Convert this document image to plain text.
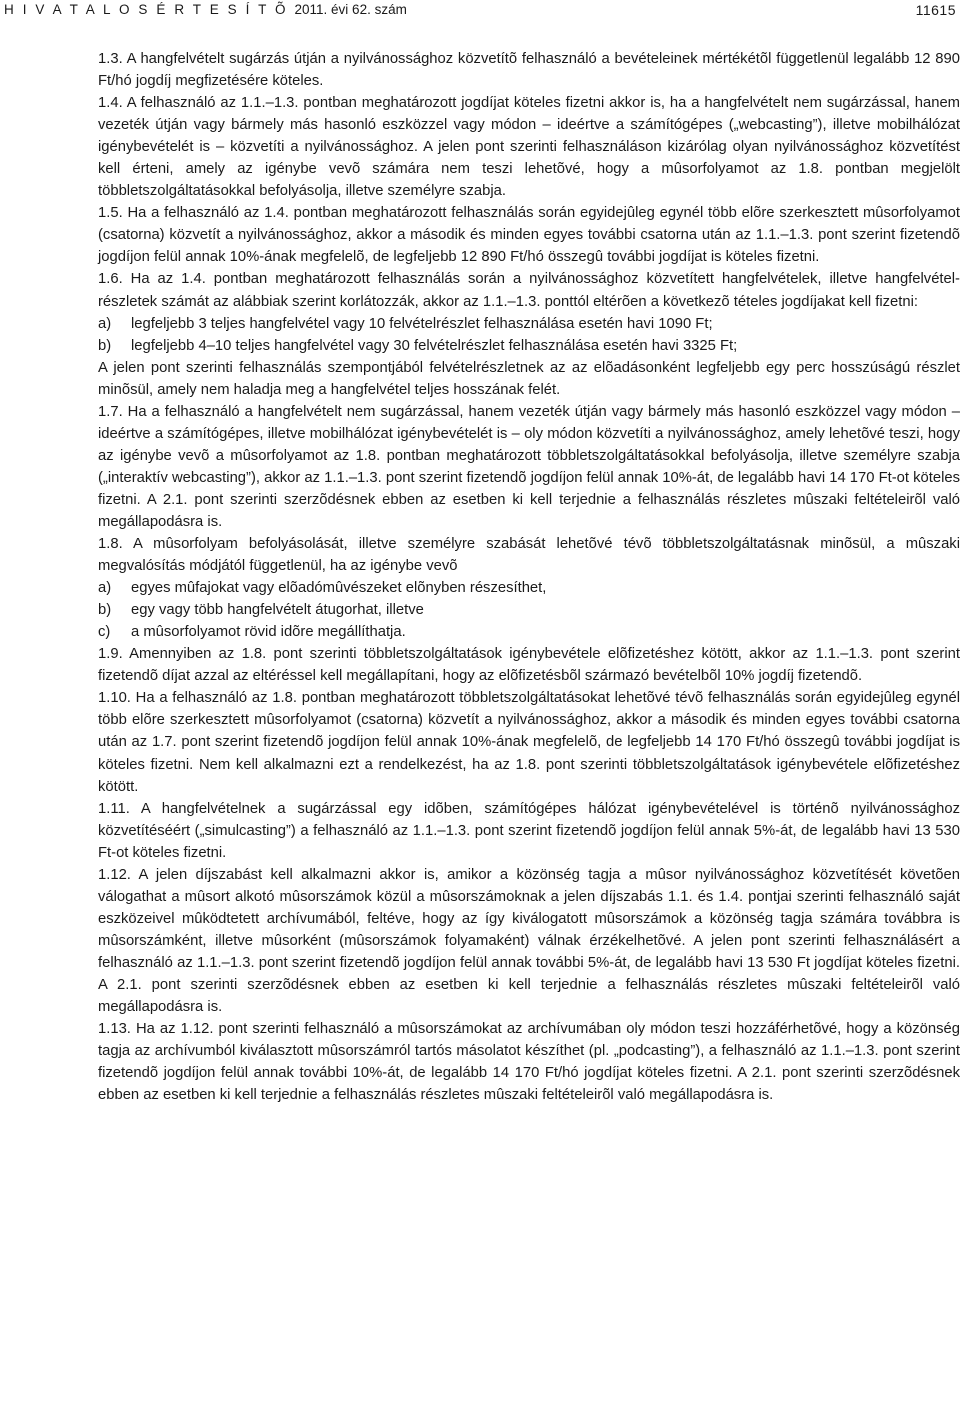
H I V A T A L O S É R T E S Í T Õ 2011. évi 62. szám	11615

1.3. A hangfelvételt sugárzás útján a nyilvánossághoz közvetítõ felhasználó a bevételeinek mértékétõl függetlenül legalább 12 890 Ft/hó jogdíj megfizetésére köteles.

1.4. A felhasználó az 1.1.–1.3. pontban meghatározott jogdíjat köteles fizetni akkor is, ha a hangfelvételt nem sugárzással, hanem vezeték útján vagy bármely más hasonló eszközzel vagy módon – ideértve a számítógépes („webcasting”), illetve mobilhálózat igénybevételét is – közvetíti a nyilvánossághoz. A jelen pont szerinti felhasználáson kizárólag olyan nyilvánossághoz közvetítést kell érteni, amely az igénybe vevõ számára nem teszi lehetõvé, hogy a mûsorfolyamot az 1.8. pontban megjelölt többletszolgáltatásokkal befolyásolja, illetve személyre szabja.

1.5. Ha a felhasználó az 1.4. pontban meghatározott felhasználás során egyidejûleg egynél több elõre szerkesztett mûsorfolyamot (csatorna) közvetít a nyilvánossághoz, akkor a második és minden egyes további csatorna után az 1.1.–1.3. pont szerint fizetendõ jogdíjon felül annak 10%-ának megfelelõ, de legfeljebb 12 890 Ft/hó összegû további jogdíjat is köteles fizetni.

1.6. Ha az 1.4. pontban meghatározott felhasználás során a nyilvánossághoz közvetített hangfelvételek, illetve hangfelvétel-részletek számát az alábbiak szerint korlátozzák, akkor az 1.1.–1.3. ponttól eltérõen a következõ tételes jogdíjakat kell fizetni:

a)	legfeljebb 3 teljes hangfelvétel vagy 10 felvételrészlet felhasználása esetén havi 1090 Ft;
b)	legfeljebb 4–10 teljes hangfelvétel vagy 30 felvételrészlet felhasználása esetén havi 3325 Ft;

A jelen pont szerinti felhasználás szempontjából felvételrészletnek az az elõadásonként legfeljebb egy perc hosszúságú részlet minõsül, amely nem haladja meg a hangfelvétel teljes hosszának felét.

1.7. Ha a felhasználó a hangfelvételt nem sugárzással, hanem vezeték útján vagy bármely más hasonló eszközzel vagy módon – ideértve a számítógépes, illetve mobilhálózat igénybevételét is – oly módon közvetíti a nyilvánossághoz, amely lehetõvé teszi, hogy az igénybe vevõ a mûsorfolyamot az 1.8. pontban meghatározott többletszolgáltatásokkal befolyásolja, illetve személyre szabja („interaktív webcasting”), akkor az 1.1.–1.3. pont szerint fizetendõ jogdíjon felül annak 10%-át, de legalább havi 14 170 Ft-ot köteles fizetni. A 2.1. pont szerinti szerzõdésnek ebben az esetben ki kell terjednie a felhasználás részletes mûszaki feltételeirõl való megállapodásra is.

1.8. A mûsorfolyam befolyásolását, illetve személyre szabását lehetõvé tévõ többletszolgáltatásnak minõsül, a mûszaki megvalósítás módjától függetlenül, ha az igénybe vevõ

a)	egyes mûfajokat vagy elõadómûvészeket elõnyben részesíthet,
b)	egy vagy több hangfelvételt átugorhat, illetve
c)	a mûsorfolyamot rövid idõre megállíthatja.

1.9. Amennyiben az 1.8. pont szerinti többletszolgáltatások igénybevétele elõfizetéshez kötött, akkor az 1.1.–1.3. pont szerint fizetendõ díjat azzal az eltéréssel kell megállapítani, hogy az elõfizetésbõl származó bevételbõl 10% jogdíj fizetendõ.

1.10. Ha a felhasználó az 1.8. pontban meghatározott többletszolgáltatásokat lehetõvé tévõ felhasználás során egyidejûleg egynél több elõre szerkesztett mûsorfolyamot (csatorna) közvetít a nyilvánossághoz, akkor a második és minden egyes további csatorna után az 1.7. pont szerint fizetendõ jogdíjon felül annak 10%-ának megfelelõ, de legfeljebb 14 170 Ft/hó összegû további jogdíjat is köteles fizetni. Nem kell alkalmazni ezt a rendelkezést, ha az 1.8. pont szerinti többletszolgáltatások igénybevétele elõfizetéshez kötött.

1.11. A hangfelvételnek a sugárzással egy idõben, számítógépes hálózat igénybevételével is történõ nyilvánossághoz közvetítéséért („simulcasting”) a felhasználó az 1.1.–1.3. pont szerint fizetendõ jogdíjon felül annak 5%-át, de legalább havi 13 530 Ft-ot köteles fizetni.

1.12. A jelen díjszabást kell alkalmazni akkor is, amikor a közönség tagja a mûsor nyilvánossághoz közvetítését követõen válogathat a mûsort alkotó mûsorszámok közül a mûsorszámoknak a jelen díjszabás 1.1. és 1.4. pontjai szerinti felhasználó saját eszközeivel mûködtetett archívumából, feltéve, hogy az így kiválogatott mûsorszámok a közönség tagja számára továbbra is mûsorszámként, illetve mûsorként (mûsorszámok folyamaként) válnak érzékelhetõvé. A jelen pont szerinti felhasználásért a felhasználó az 1.1.–1.3. pont szerint fizetendõ jogdíjon felül annak további 5%-át, de legalább havi 13 530 Ft jogdíjat köteles fizetni. A 2.1. pont szerinti szerzõdésnek ebben az esetben ki kell terjednie a felhasználás részletes mûszaki feltételeirõl való megállapodásra is.

1.13. Ha az 1.12. pont szerinti felhasználó a mûsorszámokat az archívumában oly módon teszi hozzáférhetõvé, hogy a közönség tagja az archívumból kiválasztott mûsorszámról tartós másolatot készíthet (pl. „podcasting”), a felhasználó az 1.1.–1.3. pont szerint fizetendõ jogdíjon felül annak további 10%-át, de legalább 14 170 Ft/hó jogdíjat köteles fizetni. A 2.1. pont szerinti szerzõdésnek ebben az esetben ki kell terjednie a felhasználás részletes mûszaki feltételeirõl való megállapodásra is.
